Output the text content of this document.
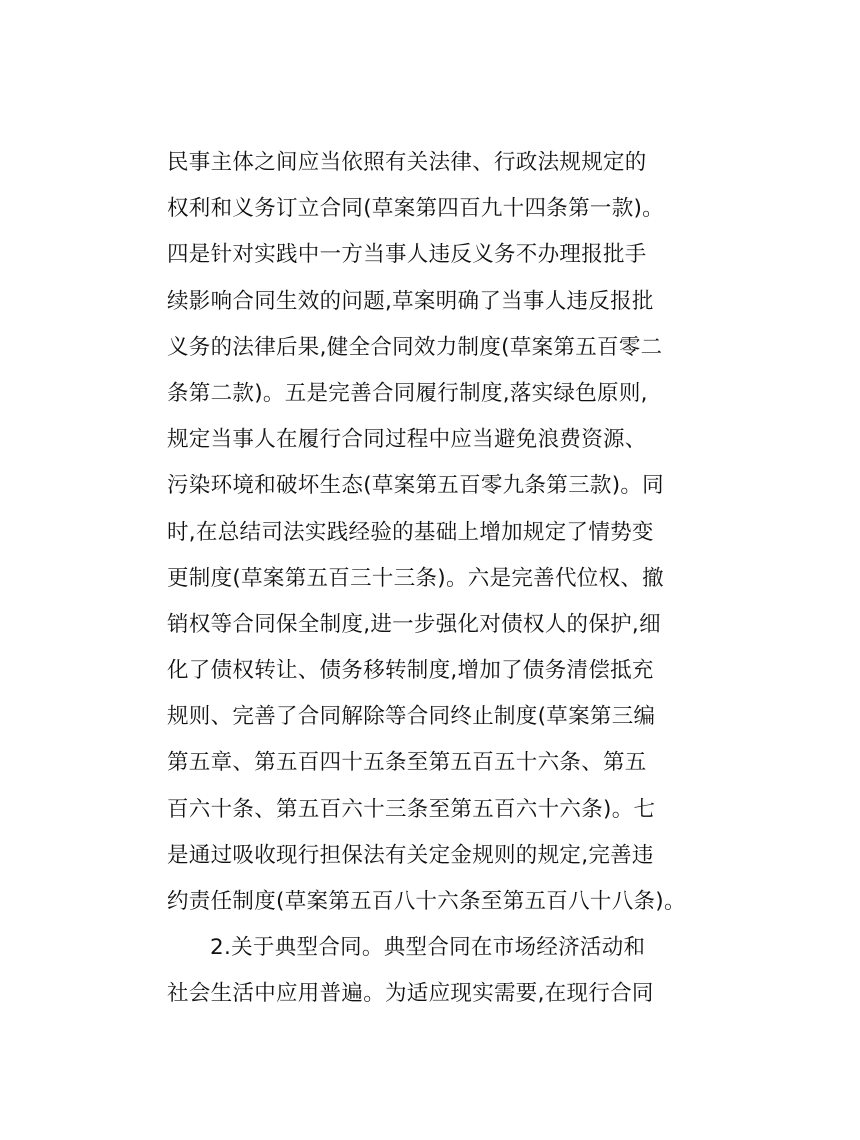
民事主体之间应当依照有关法律、行政法规规定的
权利和义务订立合同(草案第四百九十四条第一款)。
四是针对实践中一方当事人违反义务不办理报批手
续影响合同生效的问题,草案明确了当事人违反报批
义务的法律后果,健全合同效力制度(草案第五百零二
条第二款)。五是完善合同履行制度,落实绿色原则,
规定当事人在履行合同过程中应当避免浪费资源、
污染环境和破坏生态(草案第五百零九条第三款)。同
时,在总结司法实践经验的基础上增加规定了情势变
更制度(草案第五百三十三条)。六是完善代位权、撤
销权等合同保全制度,进一步强化对债权人的保护,细
化了债权转让、债务移转制度,增加了债务清偿抵充
规则、完善了合同解除等合同终止制度(草案第三编
第五章、第五百四十五条至第五百五十六条、第五
百六十条、第五百六十三条至第五百六十六条)。七
是通过吸收现行担保法有关定金规则的规定,完善违
约责任制度(草案第五百八十六条至第五百八十八条)。
2.关于典型合同。典型合同在市场经济活动和
社会生活中应用普遍。为适应现实需要,在现行合同
